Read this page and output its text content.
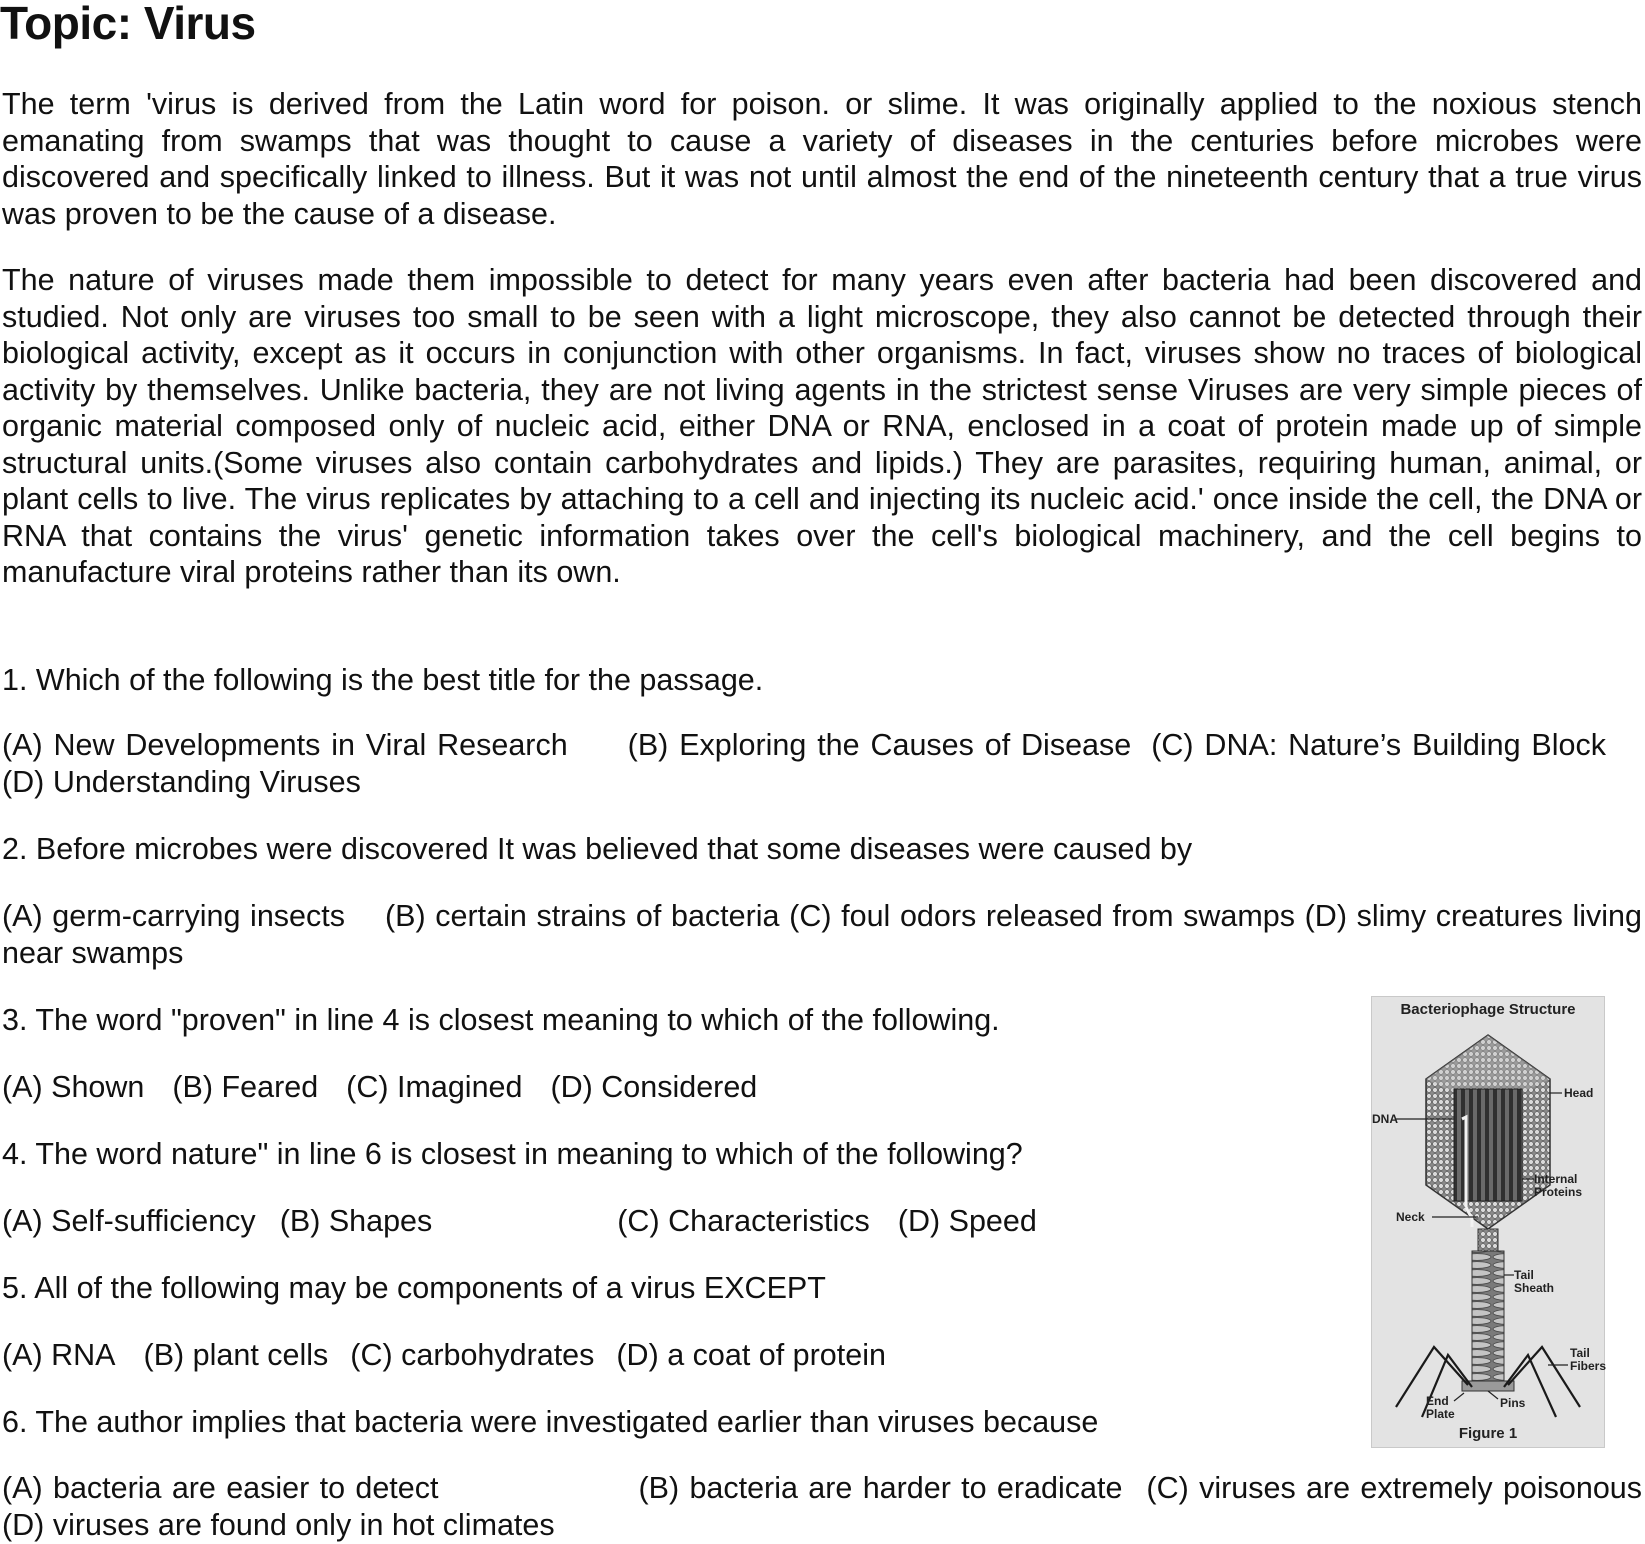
Topic: Virus

The term 'virus is derived from the Latin word for poison. or slime. It was originally applied to the noxious stench emanating from swamps that was thought to cause a variety of diseases in the centuries before microbes were discovered and specifically linked to illness. But it was not until almost the end of the nineteenth century that a true virus was proven to be the cause of a disease.

The nature of viruses made them impossible to detect for many years even after bacteria had been discovered and studied. Not only are viruses too small to be seen with a light microscope, they also cannot be detected through their biological activity, except as it occurs in conjunction with other organisms. In fact, viruses show no traces of biological activity by themselves. Unlike bacteria, they are not living agents in the strictest sense Viruses are very simple pieces of organic material composed only of nucleic acid, either DNA or RNA, enclosed in a coat of protein made up of simple structural units.(Some viruses also contain carbohydrates and lipids.) They are parasites, requiring human, animal, or plant cells to live. The virus replicates by attaching to a cell and injecting its nucleic acid.' once inside the cell, the DNA or RNA that contains the virus' genetic information takes over the cell's biological machinery, and the cell begins to manufacture viral proteins rather than its own.

1. Which of the following is the best title for the passage.

(A) New Developments in Viral Research (B) Exploring the Causes of Disease (C) DNA: Nature’s Building Block(D) Understanding Viruses

2. Before microbes were discovered It was believed that some diseases were caused by

(A) germ-carrying insects (B) certain strains of bacteria (C) foul odors released from swamps (D) slimy creatures living near swamps

3. The word "proven" in line 4 is closest meaning to which of the following.

(A) Shown (B) Feared (C) Imagined (D) Considered

4. The word nature" in line 6 is closest in meaning to which of the following?

(A) Self-sufficiency (B) Shapes	(C) Characteristics (D) Speed

5. All of the following may be components of a virus EXCEPT

(A) RNA (B) plant cells (C) carbohydrates (D) a coat of protein

6. The author implies that bacteria were investigated earlier than viruses because

(A) bacteria are easier to detect	(B) bacteria are harder to eradicate (C) viruses are extremely poisonous (D) viruses are found only in hot climates

Bacteriophage Structure
Head
DNA
Internal Proteins
Neck
Tail Sheath
Tail Fibers
End Plate
Pins
Figure 1
